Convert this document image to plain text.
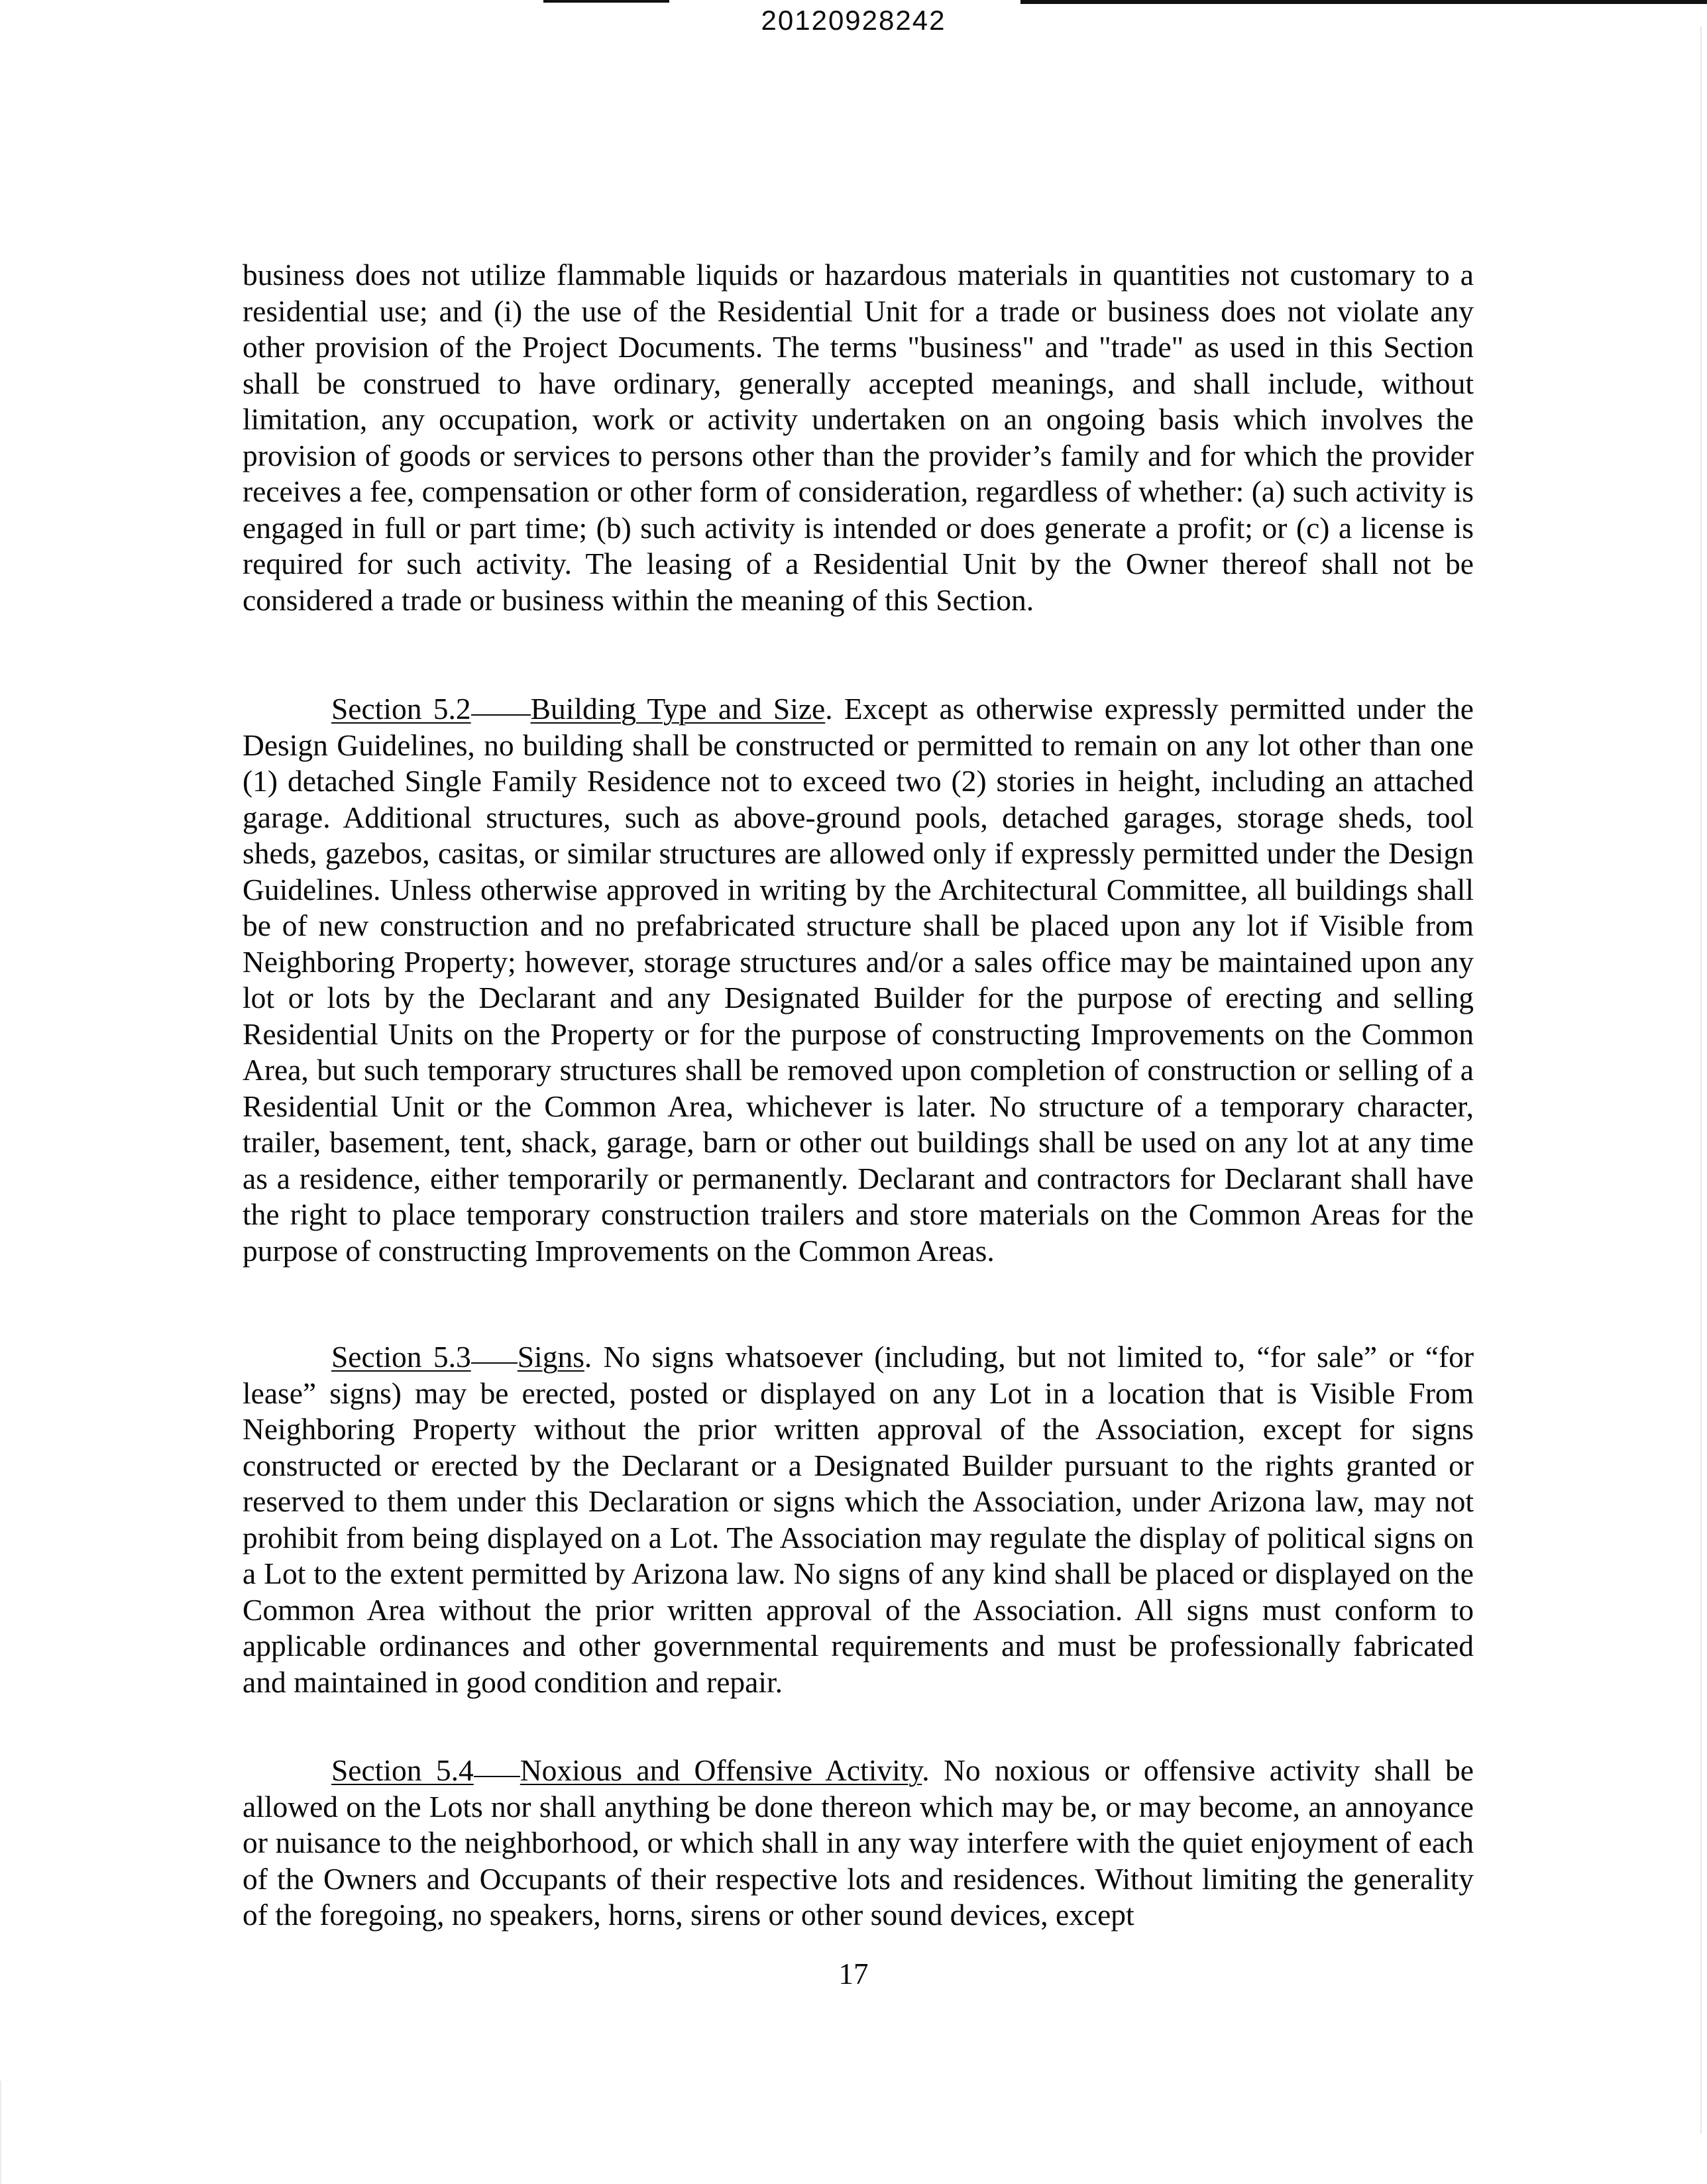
20120928242

business does not utilize flammable liquids or hazardous materials in quantities not customary to a residential use; and (i) the use of the Residential Unit for a trade or business does not violate any other provision of the Project Documents. The terms "business" and "trade" as used in this Section shall be construed to have ordinary, generally accepted meanings, and shall include, without limitation, any occupation, work or activity undertaken on an ongoing basis which involves the provision of goods or services to persons other than the provider’s family and for which the provider receives a fee, compensation or other form of consideration, regardless of whether: (a) such activity is engaged in full or part time; (b) such activity is intended or does generate a profit; or (c) a license is required for such activity. The leasing of a Residential Unit by the Owner thereof shall not be considered a trade or business within the meaning of this Section.

Section 5.2 Building Type and Size. Except as otherwise expressly permitted under the Design Guidelines, no building shall be constructed or permitted to remain on any lot other than one (1) detached Single Family Residence not to exceed two (2) stories in height, including an attached garage. Additional structures, such as above-ground pools, detached garages, storage sheds, tool sheds, gazebos, casitas, or similar structures are allowed only if expressly permitted under the Design Guidelines. Unless otherwise approved in writing by the Architectural Committee, all buildings shall be of new construction and no prefabricated structure shall be placed upon any lot if Visible from Neighboring Property; however, storage structures and/or a sales office may be maintained upon any lot or lots by the Declarant and any Designated Builder for the purpose of erecting and selling Residential Units on the Property or for the purpose of constructing Improvements on the Common Area, but such temporary structures shall be removed upon completion of construction or selling of a Residential Unit or the Common Area, whichever is later. No structure of a temporary character, trailer, basement, tent, shack, garage, barn or other out buildings shall be used on any lot at any time as a residence, either temporarily or permanently. Declarant and contractors for Declarant shall have the right to place temporary construction trailers and store materials on the Common Areas for the purpose of constructing Improvements on the Common Areas.

Section 5.3 Signs. No signs whatsoever (including, but not limited to, “for sale” or “for lease” signs) may be erected, posted or displayed on any Lot in a location that is Visible From Neighboring Property without the prior written approval of the Association, except for signs constructed or erected by the Declarant or a Designated Builder pursuant to the rights granted or reserved to them under this Declaration or signs which the Association, under Arizona law, may not prohibit from being displayed on a Lot. The Association may regulate the display of political signs on a Lot to the extent permitted by Arizona law. No signs of any kind shall be placed or displayed on the Common Area without the prior written approval of the Association. All signs must conform to applicable ordinances and other governmental requirements and must be professionally fabricated and maintained in good condition and repair.

Section 5.4 Noxious and Offensive Activity. No noxious or offensive activity shall be allowed on the Lots nor shall anything be done thereon which may be, or may become, an annoyance or nuisance to the neighborhood, or which shall in any way interfere with the quiet enjoyment of each of the Owners and Occupants of their respective lots and residences. Without limiting the generality of the foregoing, no speakers, horns, sirens or other sound devices, except

17
